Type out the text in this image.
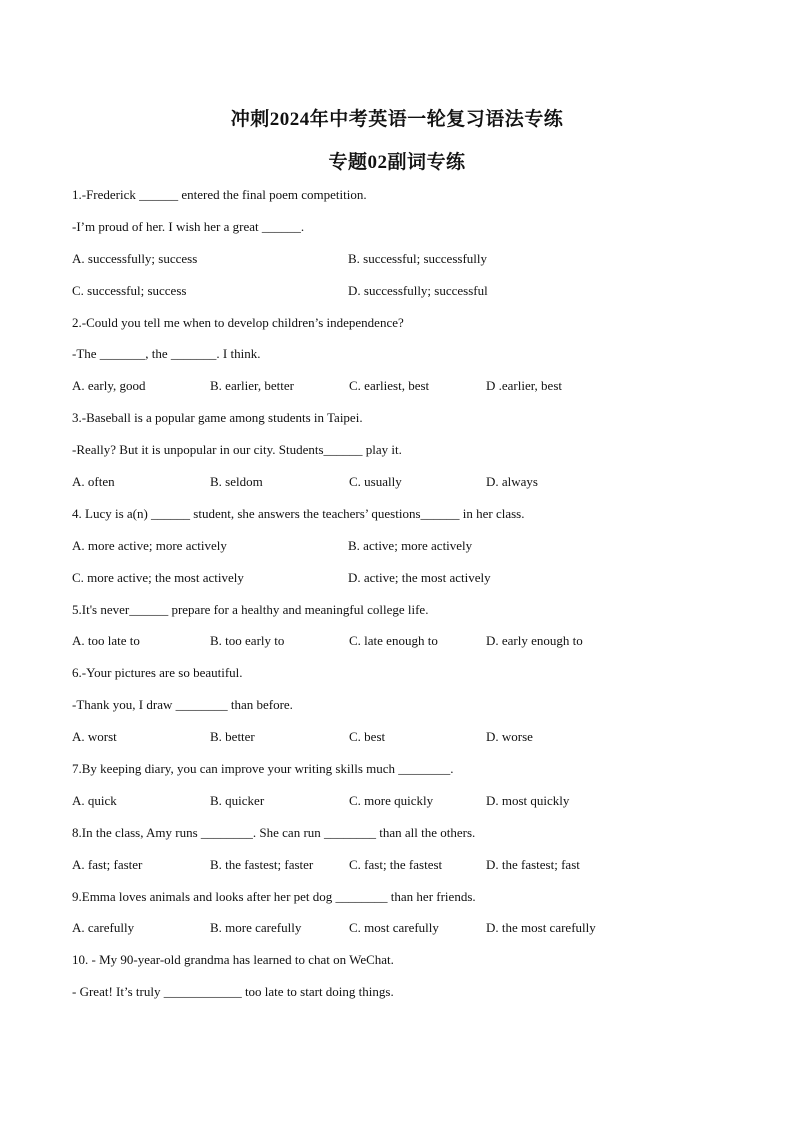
冲刺2024年中考英语一轮复习语法专练
专题02副词专练
1.-Frederick ______ entered the final poem competition.
-I’m proud of her. I wish her a great ______.
A. successfully; success	B. successful; successfully
C. successful; success	D. successfully; successful
2.-Could you tell me when to develop children’s independence?
-The _______, the _______. I think.
A. early, good	B. earlier, better	C. earliest, best	D .earlier, best
3.-Baseball is a popular game among students in Taipei.
-Really? But it is unpopular in our city. Students______ play it.
A. often	B. seldom	C. usually	D. always
4. Lucy is a(n) ______ student, she answers the teachers’ questions______ in her class.
A. more active; more actively	B. active; more actively
C. more active; the most actively	D. active; the most actively
5.It's never______ prepare for a healthy and meaningful college life.
A. too late to	B. too early to	C. late enough to	D. early enough to
6.-Your pictures are so beautiful.
-Thank you, I draw ________ than before.
A. worst	B. better	C. best	D. worse
7.By keeping diary, you can improve your writing skills much ________.
A. quick	B. quicker	C. more quickly	D. most quickly
8.In the class, Amy runs ________. She can run ________ than all the others.
A. fast; faster	B. the fastest; faster	C. fast; the fastest	D. the fastest; fast
9.Emma loves animals and looks after her pet dog ________ than her friends.
A. carefully	B. more carefully	C. most carefully	D. the most carefully
10. - My 90-year-old grandma has learned to chat on WeChat.
- Great! It’s truly ____________ too late to start doing things.
